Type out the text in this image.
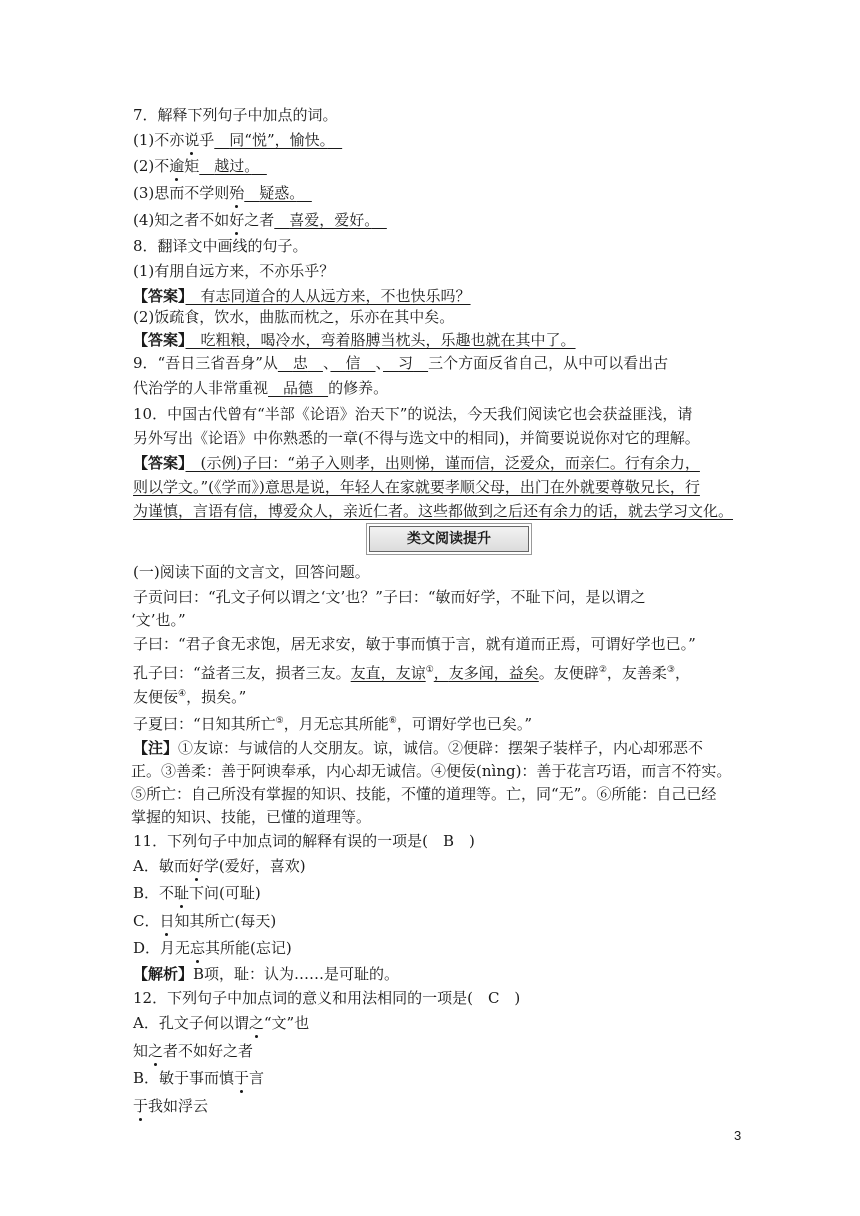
7．解释下列句子中加点的词。
(1)不亦说乎　 同“悦”，愉快。　
(2)不逾矩　 越过。　
(3)思而不学则殆　 疑惑。　
(4)知之者不如好之者　 喜爱，爱好。　
8．翻译文中画线的句子。
(1)有朋自远方来，不亦乐乎？
【答案】　 有志同道合的人从远方来，不也快乐吗？
(2)饭疏食，饮水，曲肱而枕之，乐亦在其中矣。
【答案】　 吃粗粮，喝冷水，弯着胳膊当枕头，乐趣也就在其中了。
9．“吾日三省吾身”从　 忠　 、　 信　 、　 习　 三个方面反省自己，从中可以看出古
代治学的人非常重视　 品德　 的修养。
10．中国古代曾有“半部《论语》治天下”的说法，今天我们阅读它也会获益匪浅，请
另外写出《论语》中你熟悉的一章(不得与选文中的相同)，并简要说说你对它的理解。
【答案】　 (示例)子曰：“弟子入则孝，出则悌，谨而信，泛爱众，而亲仁。行有余力，
则以学文。”(《学而》)意思是说，年轻人在家就要孝顺父母，出门在外就要尊敬兄长，行
为谨慎，言语有信，博爱众人，亲近仁者。这些都做到之后还有余力的话，就去学习文化。
类文阅读提升
(一)阅读下面的文言文，回答问题。
子贡问曰：“孔文子何以谓之‘文’也？”子曰：“敏而好学，不耻下问，是以谓之
‘文’也。”
子曰：“君子食无求饱，居无求安，敏于事而慎于言，就有道而正焉，可谓好学也已。”
孔子曰：“益者三友，损者三友。友直，友谅①，友多闻，益矣。友便辟②，友善柔③，
友便佞④，损矣。”
子夏曰：“日知其所亡⑤，月无忘其所能⑥，可谓好学也已矣。”
【注】①友谅：与诚信的人交朋友。谅，诚信。②便辟：摆架子装样子，内心却邪恶不
正。③善柔：善于阿谀奉承，内心却无诚信。④便佞(nìng)：善于花言巧语，而言不符实。
⑤所亡：自己所没有掌握的知识、技能，不懂的道理等。亡，同“无”。⑥所能：自己已经
掌握的知识、技能，已懂的道理等。
11．下列句子中加点词的解释有误的一项是(　B　)
A．敏而好学(爱好，喜欢)
B．不耻下问(可耻)
C．日知其所亡(每天)
D．月无忘其所能(忘记)
【解析】B项，耻：认为……是可耻的。
12．下列句子中加点词的意义和用法相同的一项是(　C　)
A．孔文子何以谓之“文”也
知之者不如好之者
B．敏于事而慎于言
于我如浮云
3
